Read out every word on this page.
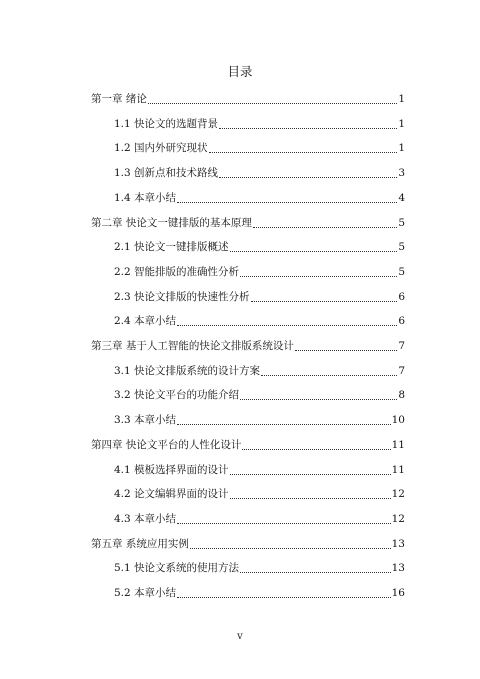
目录
第一章 绪论	1
1.1 快论文的选题背景	1
1.2 国内外研究现状	1
1.3 创新点和技术路线	3
1.4 本章小结	4
第二章 快论文一键排版的基本原理	5
2.1 快论文一键排版概述	5
2.2 智能排版的准确性分析	5
2.3 快论文排版的快速性分析	6
2.4 本章小结	6
第三章 基于人工智能的快论文排版系统设计	7
3.1 快论文排版系统的设计方案	7
3.2 快论文平台的功能介绍	8
3.3 本章小结	10
第四章 快论文平台的人性化设计	11
4.1 模板选择界面的设计	11
4.2 论文编辑界面的设计	12
4.3 本章小结	12
第五章 系统应用实例	13
5.1 快论文系统的使用方法	13
5.2 本章小结	16
v
